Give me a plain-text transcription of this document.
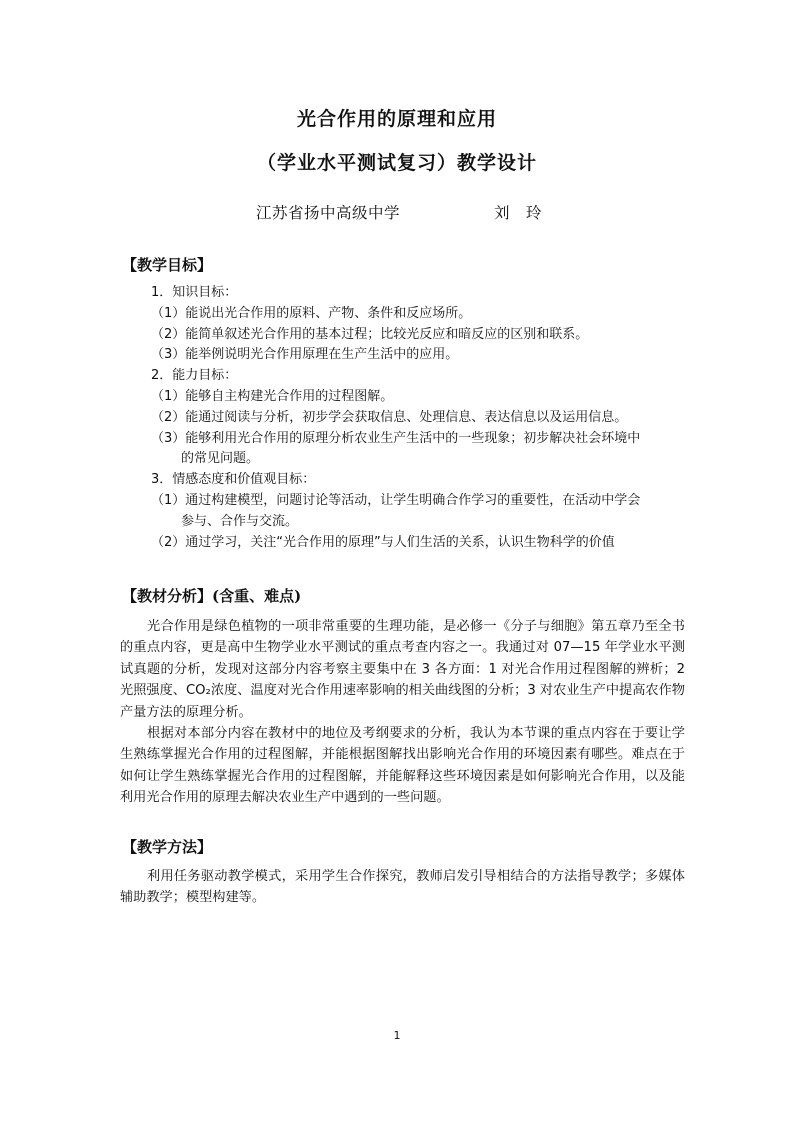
光合作用的原理和应用
（学业水平测试复习）教学设计
江苏省扬中高级中学	刘　玲
【教学目标】
1．知识目标：
（1）能说出光合作用的原料、产物、条件和反应场所。
（2）能简单叙述光合作用的基本过程；比较光反应和暗反应的区别和联系。
（3）能举例说明光合作用原理在生产生活中的应用。
2．能力目标：
（1）能够自主构建光合作用的过程图解。
（2）能通过阅读与分析，初步学会获取信息、处理信息、表达信息以及运用信息。
（3）能够利用光合作用的原理分析农业生产生活中的一些现象；初步解决社会环境中
的常见问题。
3．情感态度和价值观目标：
（1）通过构建模型，问题讨论等活动，让学生明确合作学习的重要性，在活动中学会
参与、合作与交流。
（2）通过学习，关注“光合作用的原理”与人们生活的关系，认识生物科学的价值
【教材分析】(含重、难点)

光合作用是绿色植物的一项非常重要的生理功能，是必修一《分子与细胞》第五章乃至全书的重点内容，更是高中生物学业水平测试的重点考查内容之一。我通过对 07—15 年学业水平测试真题的分析，发现对这部分内容考察主要集中在 3 各方面：1 对光合作用过程图解的辨析；2 光照强度、CO₂浓度、温度对光合作用速率影响的相关曲线图的分析；3 对农业生产中提高农作物产量方法的原理分析。

根据对本部分内容在教材中的地位及考纲要求的分析，我认为本节课的重点内容在于要让学生熟练掌握光合作用的过程图解，并能根据图解找出影响光合作用的环境因素有哪些。难点在于如何让学生熟练掌握光合作用的过程图解，并能解释这些环境因素是如何影响光合作用，以及能利用光合作用的原理去解决农业生产中遇到的一些问题。

【教学方法】

利用任务驱动教学模式，采用学生合作探究，教师启发引导相结合的方法指导教学；多媒体辅助教学；模型构建等。

1
